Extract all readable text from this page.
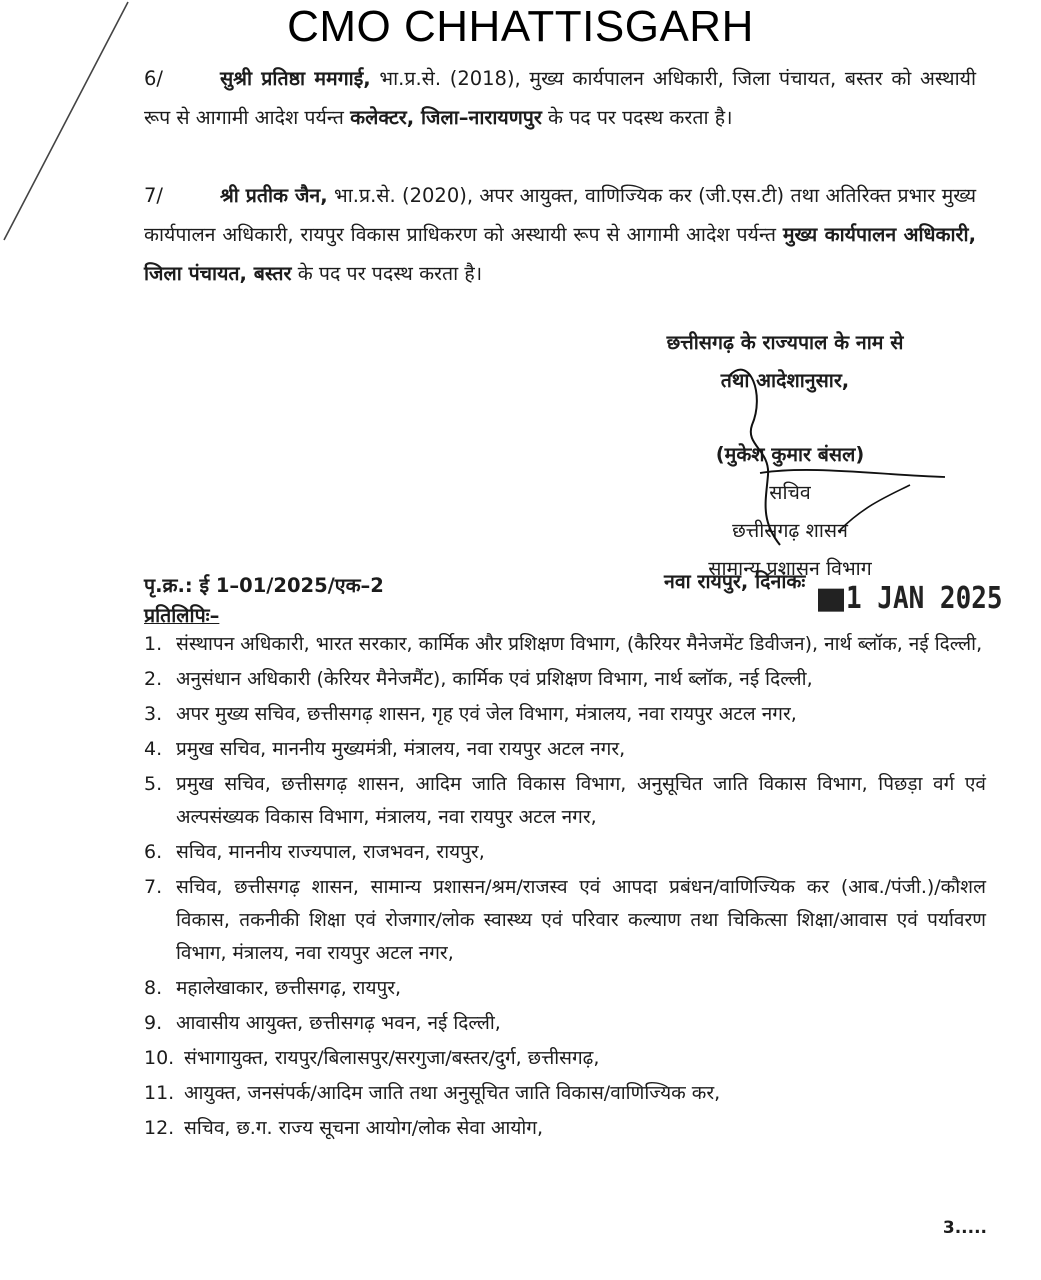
CMO CHHATTISGARH
6/	सुश्री प्रतिष्ठा ममगाई, भा.प्र.से. (2018), मुख्य कार्यपालन अधिकारी, जिला पंचायत, बस्तर को अस्थायी रूप से आगामी आदेश पर्यन्त कलेक्टर, जिला–नारायणपुर के पद पर पदस्थ करता है।
7/	श्री प्रतीक जैन, भा.प्र.से. (2020), अपर आयुक्त, वाणिज्यिक कर (जी.एस.टी) तथा अतिरिक्त प्रभार मुख्य कार्यपालन अधिकारी, रायपुर विकास प्राधिकरण को अस्थायी रूप से आगामी आदेश पर्यन्त मुख्य कार्यपालन अधिकारी, जिला पंचायत, बस्तर के पद पर पदस्थ करता है।
छत्तीसगढ़ के राज्यपाल के नाम से
तथा आदेशानुसार,
(मुकेश कुमार बंसल)
सचिव
छत्तीसगढ़ शासन
सामान्य प्रशासन विभाग
पृ.क्र.: ई 1–01/2025/एक–2	नवा रायपुर, दिनांकः
1 JAN 2025
प्रतिलिपिः–
1. संस्थापन अधिकारी, भारत सरकार, कार्मिक और प्रशिक्षण विभाग, (कैरियर मैनेजमेंट डिवीजन), नार्थ ब्लॉक, नई दिल्ली,
2. अनुसंधान अधिकारी (केरियर मैनेजमैंट), कार्मिक एवं प्रशिक्षण विभाग, नार्थ ब्लॉक, नई दिल्ली,
3. अपर मुख्य सचिव, छत्तीसगढ़ शासन, गृह एवं जेल विभाग, मंत्रालय, नवा रायपुर अटल नगर,
4. प्रमुख सचिव, माननीय मुख्यमंत्री, मंत्रालय, नवा रायपुर अटल नगर,
5. प्रमुख सचिव, छत्तीसगढ़ शासन, आदिम जाति विकास विभाग, अनुसूचित जाति विकास विभाग, पिछड़ा वर्ग एवं अल्पसंख्यक विकास विभाग, मंत्रालय, नवा रायपुर अटल नगर,
6. सचिव, माननीय राज्यपाल, राजभवन, रायपुर,
7. सचिव, छत्तीसगढ़ शासन, सामान्य प्रशासन/श्रम/राजस्व एवं आपदा प्रबंधन/वाणिज्यिक कर (आब./पंजी.)/कौशल विकास, तकनीकी शिक्षा एवं रोजगार/लोक स्वास्थ्य एवं परिवार कल्याण तथा चिकित्सा शिक्षा/आवास एवं पर्यावरण विभाग, मंत्रालय, नवा रायपुर अटल नगर,
8. महालेखाकार, छत्तीसगढ़, रायपुर,
9. आवासीय आयुक्त, छत्तीसगढ़ भवन, नई दिल्ली,
10. संभागायुक्त, रायपुर/बिलासपुर/सरगुजा/बस्तर/दुर्ग, छत्तीसगढ़,
11. आयुक्त, जनसंपर्क/आदिम जाति तथा अनुसूचित जाति विकास/वाणिज्यिक कर,
12. सचिव, छ.ग. राज्य सूचना आयोग/लोक सेवा आयोग,
3.....
